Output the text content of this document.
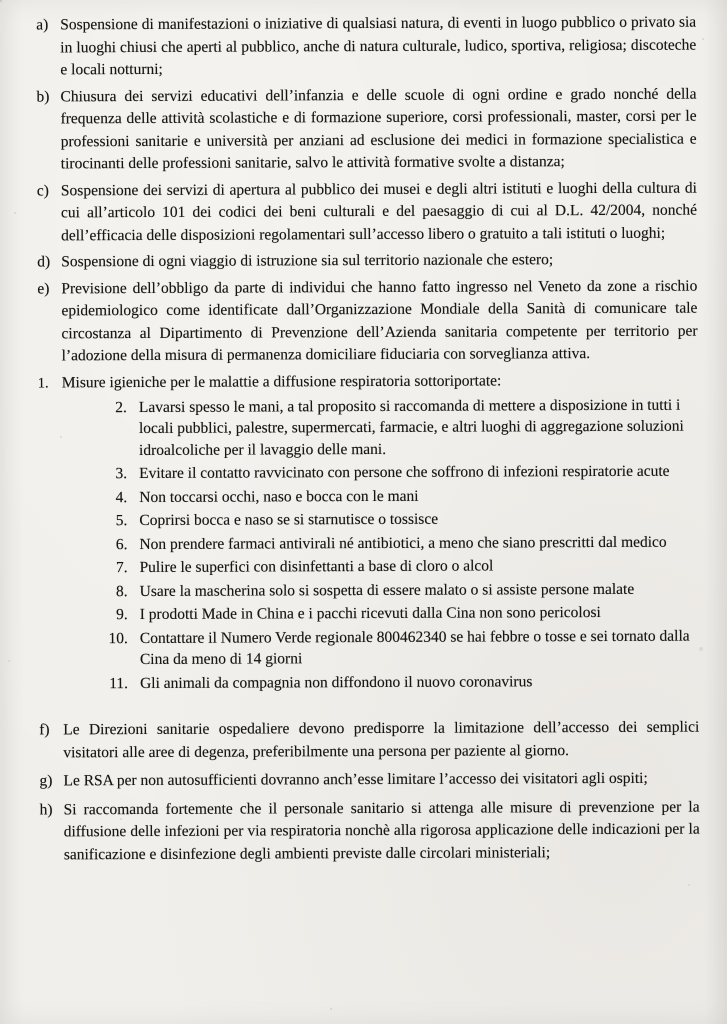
a) Sospensione di manifestazioni o iniziative di qualsiasi natura, di eventi in luogo pubblico o privato sia in luoghi chiusi che aperti al pubblico, anche di natura culturale, ludico, sportiva, religiosa; discoteche e locali notturni;
b) Chiusura dei servizi educativi dell’infanzia e delle scuole di ogni ordine e grado nonché della frequenza delle attività scolastiche e di formazione superiore, corsi professionali, master, corsi per le professioni sanitarie e università per anziani ad esclusione dei medici in formazione specialistica e tirocinanti delle professioni sanitarie, salvo le attività formative svolte a distanza;
c) Sospensione dei servizi di apertura al pubblico dei musei e degli altri istituti e luoghi della cultura di cui all’articolo 101 dei codici dei beni culturali e del paesaggio di cui al D.L. 42/2004, nonché dell’efficacia delle disposizioni regolamentari sull’accesso libero o gratuito a tali istituti o luoghi;
d) Sospensione di ogni viaggio di istruzione sia sul territorio nazionale che estero;
e) Previsione dell’obbligo da parte di individui che hanno fatto ingresso nel Veneto da zone a rischio epidemiologico come identificate dall’Organizzazione Mondiale della Sanità di comunicare tale circostanza al Dipartimento di Prevenzione dell’Azienda sanitaria competente per territorio per l’adozione della misura di permanenza domiciliare fiduciaria con sorveglianza attiva.
1. Misure igieniche per le malattie a diffusione respiratoria sottoriportate:
2. Lavarsi spesso le mani, a tal proposito si raccomanda di mettere a disposizione in tutti i locali pubblici, palestre, supermercati, farmacie, e altri luoghi di aggregazione soluzioni idroalcoliche per il lavaggio delle mani.
3. Evitare il contatto ravvicinato con persone che soffrono di infezioni respiratorie acute
4. Non toccarsi occhi, naso e bocca con le mani
5. Coprirsi bocca e naso se si starnutisce o tossisce
6. Non prendere farmaci antivirali né antibiotici, a meno che siano prescritti dal medico
7. Pulire le superfici con disinfettanti a base di cloro o alcol
8. Usare la mascherina solo si sospetta di essere malato o si assiste persone malate
9. I prodotti Made in China e i pacchi ricevuti dalla Cina non sono pericolosi
10. Contattare il Numero Verde regionale 800462340 se hai febbre o tosse e sei tornato dalla Cina da meno di 14 giorni
11. Gli animali da compagnia non diffondono il nuovo coronavirus
f) Le Direzioni sanitarie ospedaliere devono predisporre la limitazione dell’accesso dei semplici visitatori alle aree di degenza, preferibilmente una persona per paziente al giorno.
g) Le RSA per non autosufficienti dovranno anch’esse limitare l’accesso dei visitatori agli ospiti;
h) Si raccomanda fortemente che il personale sanitario si attenga alle misure di prevenzione per la diffusione delle infezioni per via respiratoria nonchè alla rigorosa applicazione delle indicazioni per la sanificazione e disinfezione degli ambienti previste dalle circolari ministeriali;
